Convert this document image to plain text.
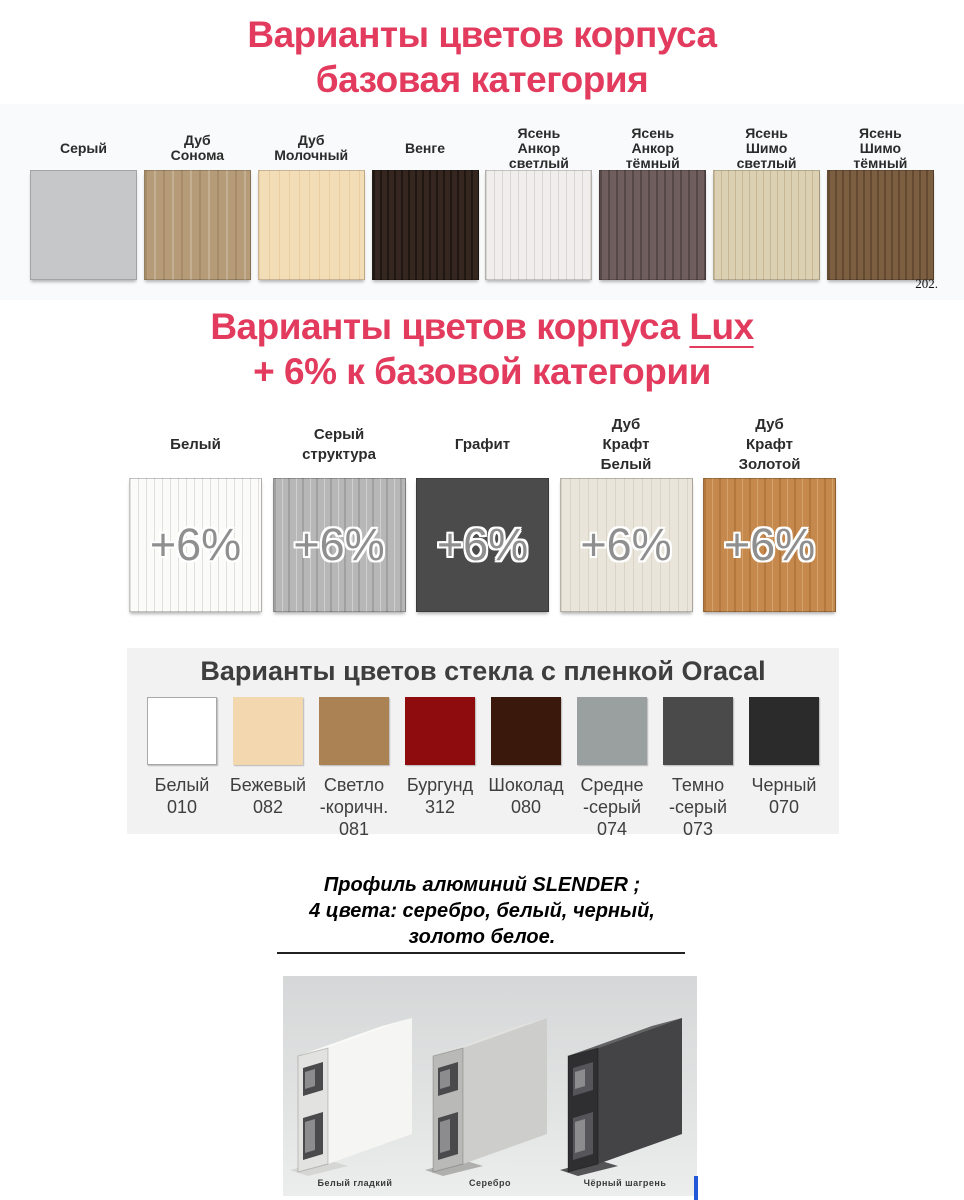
Варианты цветов корпуса
базовая категория
Серый	Дуб
Сонома
Дуб
Молочный	Венге
Ясень
Анкор
светлый
Ясень
Анкор
тёмный
Ясень
Шимо
светлый
Ясень
Шимо
тёмный
202.
Варианты цветов корпуса Lux
+ 6% к базовой категории
Белый
+6%
Серый
структура
+6%
Графит
+6%
Дуб
Крафт
Белый
+6%
Дуб
Крафт
Золотой
+6%
Варианты цветов стекла с пленкой Oracal
Белый
010
Бежевый
082
Светло
-коричн.
081
Бургунд
312
Шоколад
080
Средне
-серый
074
Темно
-серый
073
Черный
070
Профиль алюминий SLENDER ;
4 цвета: серебро, белый, черный,
золото белое.
Белый гладкий	Серебро	Чёрный шагрень
